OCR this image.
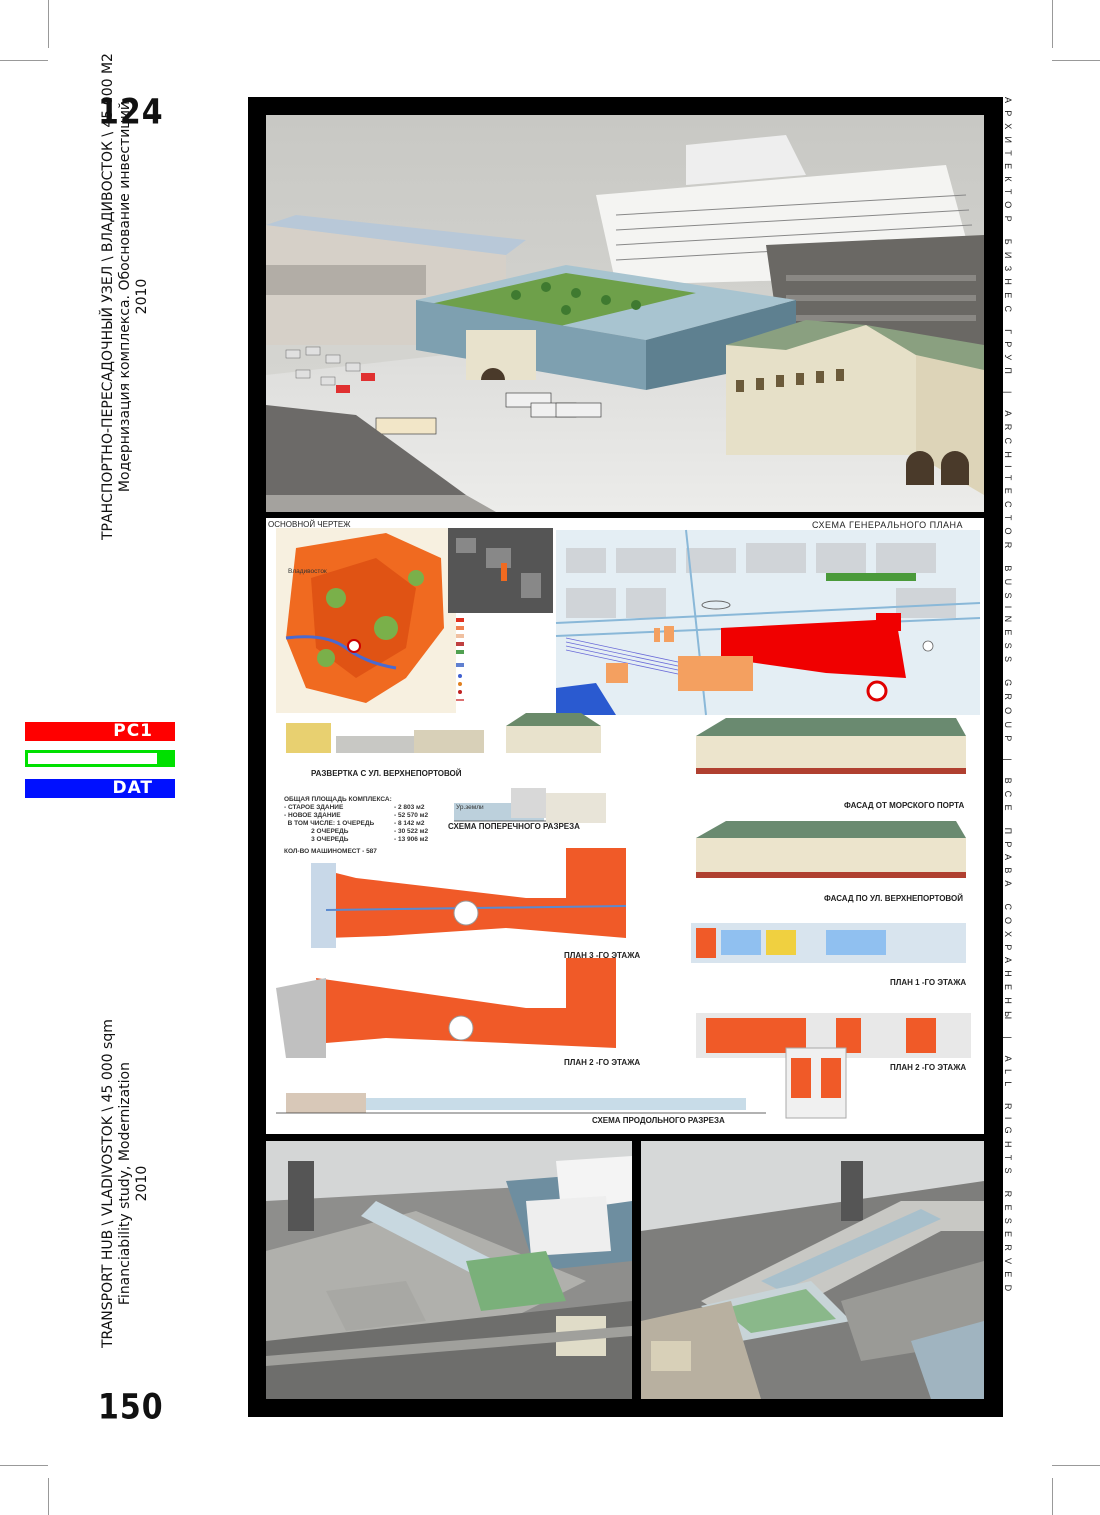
124
150
ТРАНСПОРТНО-ПЕРЕСАДОЧНЫЙ УЗЕЛ \ ВЛАДИВОСТОК \ 45 000 М2 Модернизация комплекса. Обоснование инвестиций 2010
TRANSPORT HUB \ VLADIVOSTOK \ 45 000 sqm Financiability study, Modernization 2010
PC1
DAT	АРХИТЕКТОР БИЗНЕС ГРУП | ARCHITECTOR BUSINESS GROUP | ВСЕ ПРАВА СОХРАНЕНЫ | ALL RIGHTS RESERVED
ОСНОВНОЙ ЧЕРТЕЖ
Владивосток
СХЕМА ГЕНЕРАЛЬНОГО ПЛАНА
РАЗВЕРТКА С УЛ. ВЕРХНЕПОРТОВОЙ
ОБЩАЯ ПЛОЩАДЬ КОМПЛЕКСА:
- СТАРОЕ ЗДАНИЕ
- НОВОЕ ЗДАНИЕ
В ТОМ ЧИСЛЕ: 1 ОЧЕРЕДЬ
2 ОЧЕРЕДЬ
3 ОЧЕРЕДЬ

- 2 803 м2
- 52 570 м2
- 8 142 м2
- 30 522 м2
- 13 906 м2
КОЛ-ВО МАШИНОМЕСТ - 587
СХЕМА ПОПЕРЕЧНОГО РАЗРЕЗА
Ур.земли	ФАСАД ОТ МОРСКОГО ПОРТА
ФАСАД ПО УЛ. ВЕРХНЕПОРТОВОЙ
ПЛАН 3 -ГО ЭТАЖА
ПЛАН 2 -ГО ЭТАЖА
ПЛАН 1 -ГО ЭТАЖА
ПЛАН 2 -ГО ЭТАЖА
СХЕМА ПРОДОЛЬНОГО РАЗРЕЗА
